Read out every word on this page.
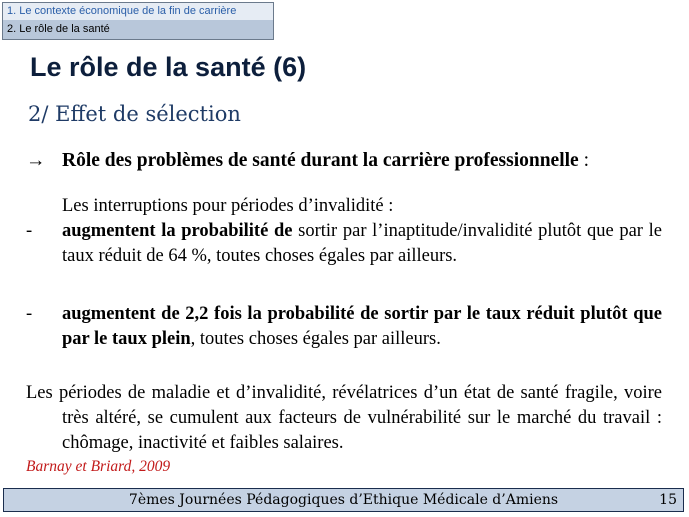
1. Le contexte économique de la fin de carrière
2. Le rôle de la santé
Le rôle de la santé (6)
2/ Effet de sélection
→ Rôle des problèmes de santé durant la carrière professionnelle :
Les interruptions pour périodes d’invalidité :
- augmentent la probabilité de sortir par l’inaptitude/invalidité plutôt que par le taux réduit de 64 %, toutes choses égales par ailleurs.
- augmentent de 2,2 fois la probabilité de sortir par le taux réduit plutôt que par le taux plein, toutes choses égales par ailleurs.
Les périodes de maladie et d’invalidité, révélatrices d’un état de santé fragile, voire très altéré, se cumulent aux facteurs de vulnérabilité sur le marché du travail : chômage, inactivité et faibles salaires.
Barnay et Briard, 2009
7èmes Journées Pédagogiques d’Ethique Médicale d’Amiens	15
